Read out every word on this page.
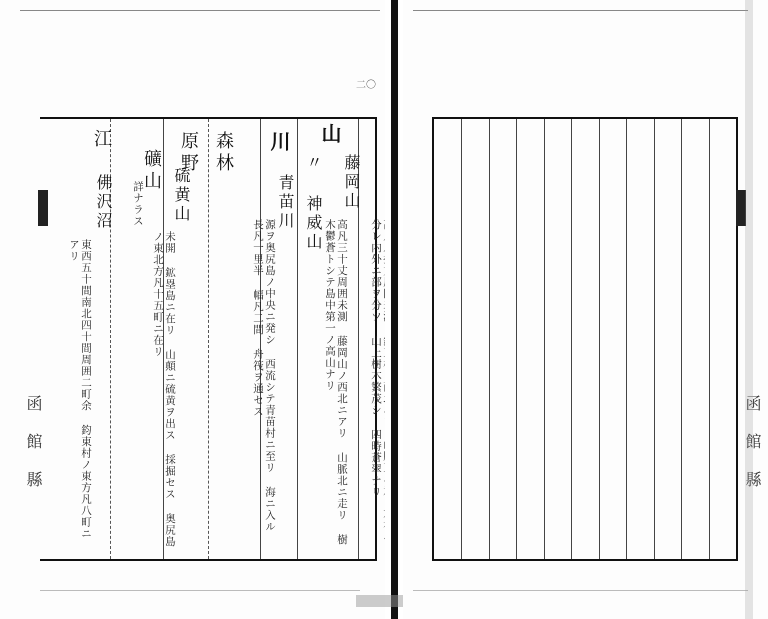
二〇
函館縣
山
藤岡山
分レ内外ニ部ヲ分ツ 山上樹木繁茂シ 四時蒼翠ナリ
〃 神威山
高凡三十丈周囲未測 藤岡山ノ西北ニアリ 山脈北ニ走リ 樹木鬱蒼トシテ島中第一ノ高山ナリ
川
青苗川
源ヲ奥尻島ノ中央ニ発シ 西流シテ青苗村ニ至リ 海ニ入ル 長凡一里半 幅凡二間 舟筏ヲ通セス
森林
原野
詳ナラス
礦山 硫黄山
未開 鉱塁島ニ在リ 山顛ニ硫黄ヲ出ス 採掘セス 奥尻島ノ東北方凡十五町ニ在リ
江
佛沢沼
東西五十間南北四十間周囲二町余 鈞東村ノ東方凡八町ニアリ
函館縣
